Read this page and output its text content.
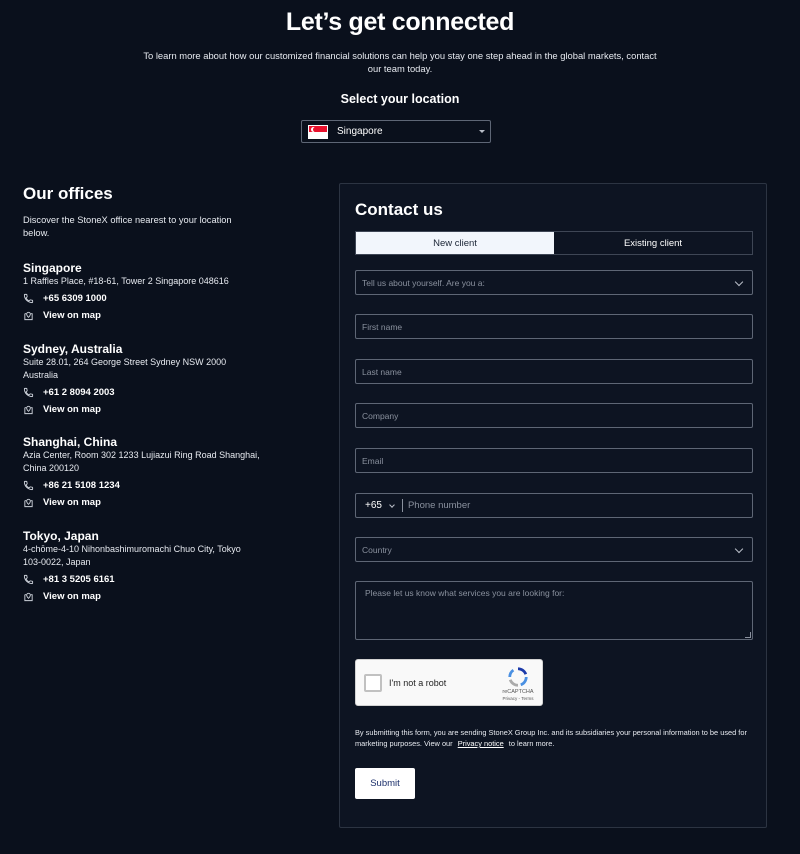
Let’s get connected

To learn more about how our customized financial solutions can help you stay one step ahead in the global markets, contact our team today.

Select your location
Singapore
Our offices

Discover the StoneX office nearest to your location below.

Singapore
1 Raffles Place, #18-61, Tower 2 Singapore 048616
+65 6309 1000
View on map
Sydney, Australia
Suite 28.01, 264 George Street Sydney NSW 2000 Australia
+61 2 8094 2003
View on map
Shanghai, China
Azia Center, Room 302 1233 Lujiazui Ring Road Shanghai, China 200120
+86 21 5108 1234
View on map
Tokyo, Japan
4-chōme-4-10 Nihonbashimuromachi Chuo City, Tokyo 103-0022, Japan
+81 3 5205 6161
View on map
Contact us
New client	Existing client
Tell us about yourself. Are you a:
First name
Last name
Company
Email
+65
Phone number
Country
Please let us know what services you are looking for:
I'm not a robot
reCAPTCHA
Privacy - Terms

By submitting this form, you are sending StoneX Group Inc. and its subsidiaries your personal information to be used for marketing purposes. View our Privacy notice to learn more.

Submit
